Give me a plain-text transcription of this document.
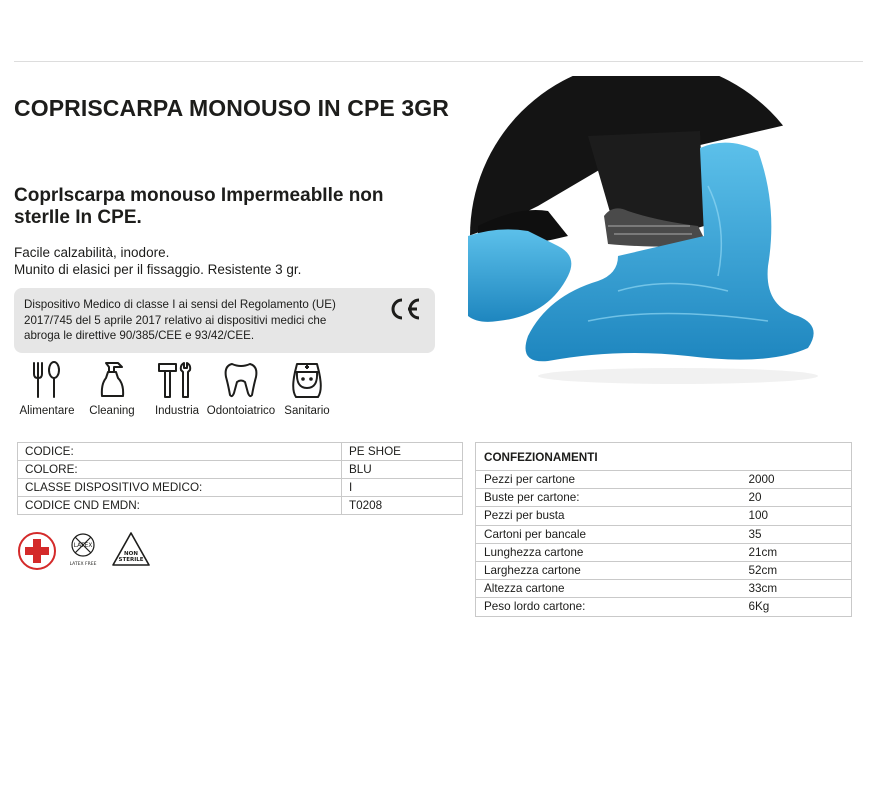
COPRISCARPA MONOUSO IN CPE 3GR
CoprIscarpa monouso ImpermeabIle non sterIle In CPE.
Facile calzabilità, inodore.
Munito di elasici per il fissaggio. Resistente 3 gr.
Dispositivo Medico di classe I ai sensi del Regolamento (UE) 2017/745 del 5 aprile 2017 relativo ai dispositivi medici che abroga le direttive 90/385/CEE e 93/42/CEE.
Alimentare	Cleaning	Industria Odontoiatrico Sanitario
CODICE:	PE SHOE
COLORE:	BLU
CLASSE DISPOSITIVO MEDICO:	I
CODICE CND EMDN:	T0208
CONFEZIONAMENTI	
Pezzi per cartone	2000
Buste per cartone:	20
Pezzi per busta	100
Cartoni per bancale	35
Lunghezza cartone	21cm
Larghezza cartone	52cm
Altezza cartone	33cm
Peso lordo cartone:	6Kg
LATEX
LATEX FREE
NON
STERILE
